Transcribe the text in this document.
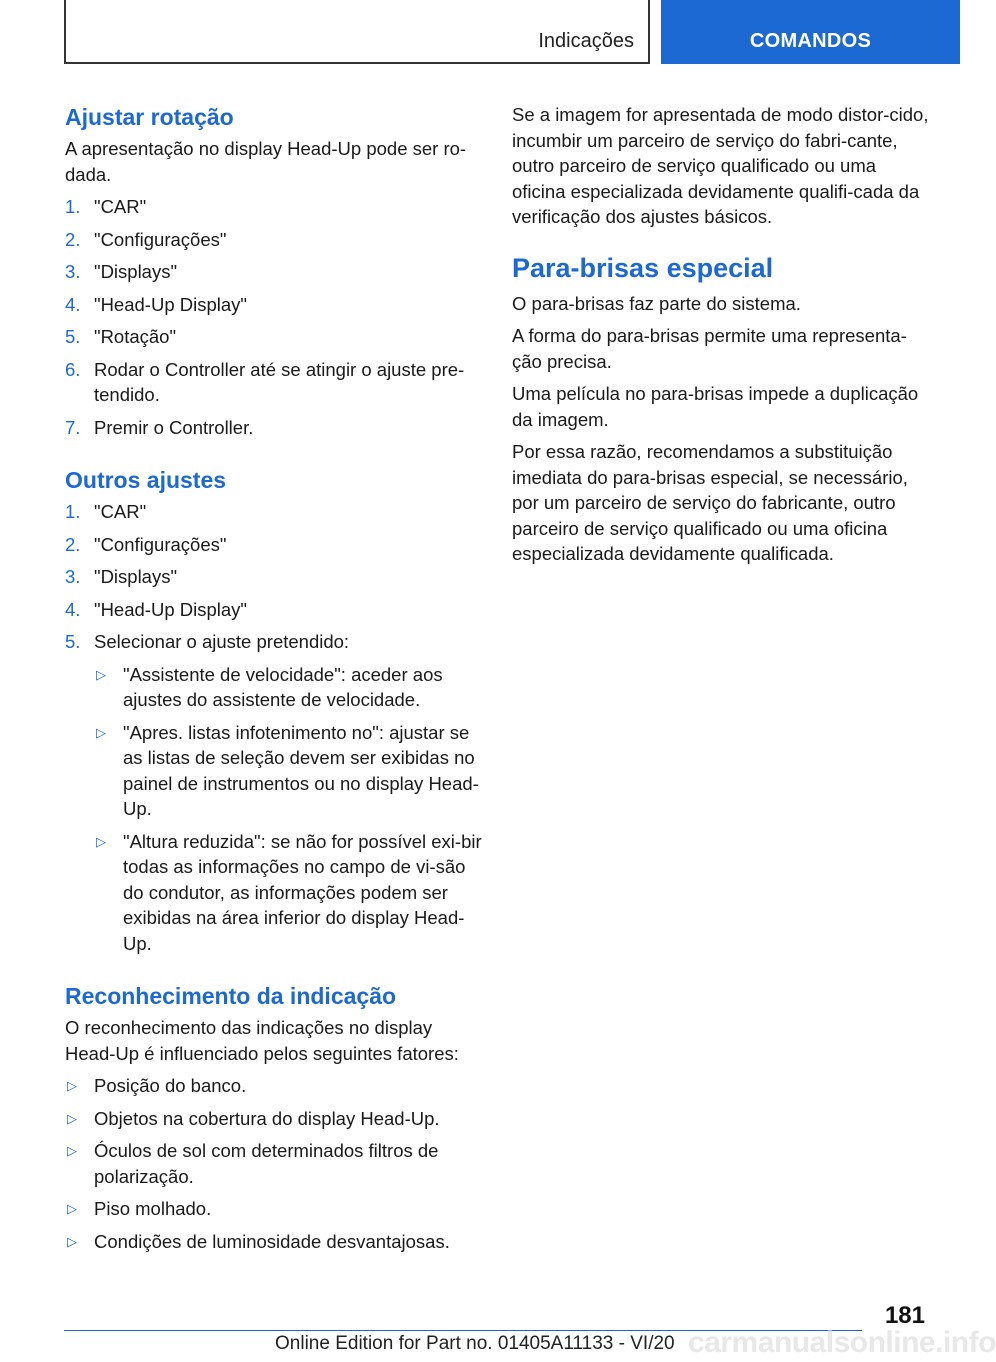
Indicações	COMANDOS
Ajustar rotação

A apresentação no display Head-Up pode ser ro-dada.

1. "CAR"
2. "Configurações"
3. "Displays"
4. "Head-Up Display"
5. "Rotação"
6. Rodar o Controller até se atingir o ajuste pre-tendido.
7. Premir o Controller.
Outros ajustes
1. "CAR"
2. "Configurações"
3. "Displays"
4. "Head-Up Display"
5. Selecionar o ajuste pretendido:
▷ "Assistente de velocidade": aceder aos ajustes do assistente de velocidade.
▷ "Apres. listas infotenimento no": ajustar se as listas de seleção devem ser exibidas no painel de instrumentos ou no display Head-Up.
▷ "Altura reduzida": se não for possível exi-bir todas as informações no campo de vi-são do condutor, as informações podem ser exibidas na área inferior do display Head-Up.
Reconhecimento da indicação

O reconhecimento das indicações no display Head-Up é influenciado pelos seguintes fatores:

▷ Posição do banco.
▷ Objetos na cobertura do display Head-Up.
▷ Óculos de sol com determinados filtros de polarização.
▷ Piso molhado.
▷ Condições de luminosidade desvantajosas.

Se a imagem for apresentada de modo distor-cido, incumbir um parceiro de serviço do fabri-cante, outro parceiro de serviço qualificado ou uma oficina especializada devidamente qualifi-cada da verificação dos ajustes básicos.

Para-brisas especial

O para-brisas faz parte do sistema.

A forma do para-brisas permite uma representa-ção precisa.

Uma película no para-brisas impede a duplicação da imagem.

Por essa razão, recomendamos a substituição imediata do para-brisas especial, se necessário, por um parceiro de serviço do fabricante, outro parceiro de serviço qualificado ou uma oficina especializada devidamente qualificada.

181
Online Edition for Part no. 01405A11133 - VI/20 carmanualsonline.info
